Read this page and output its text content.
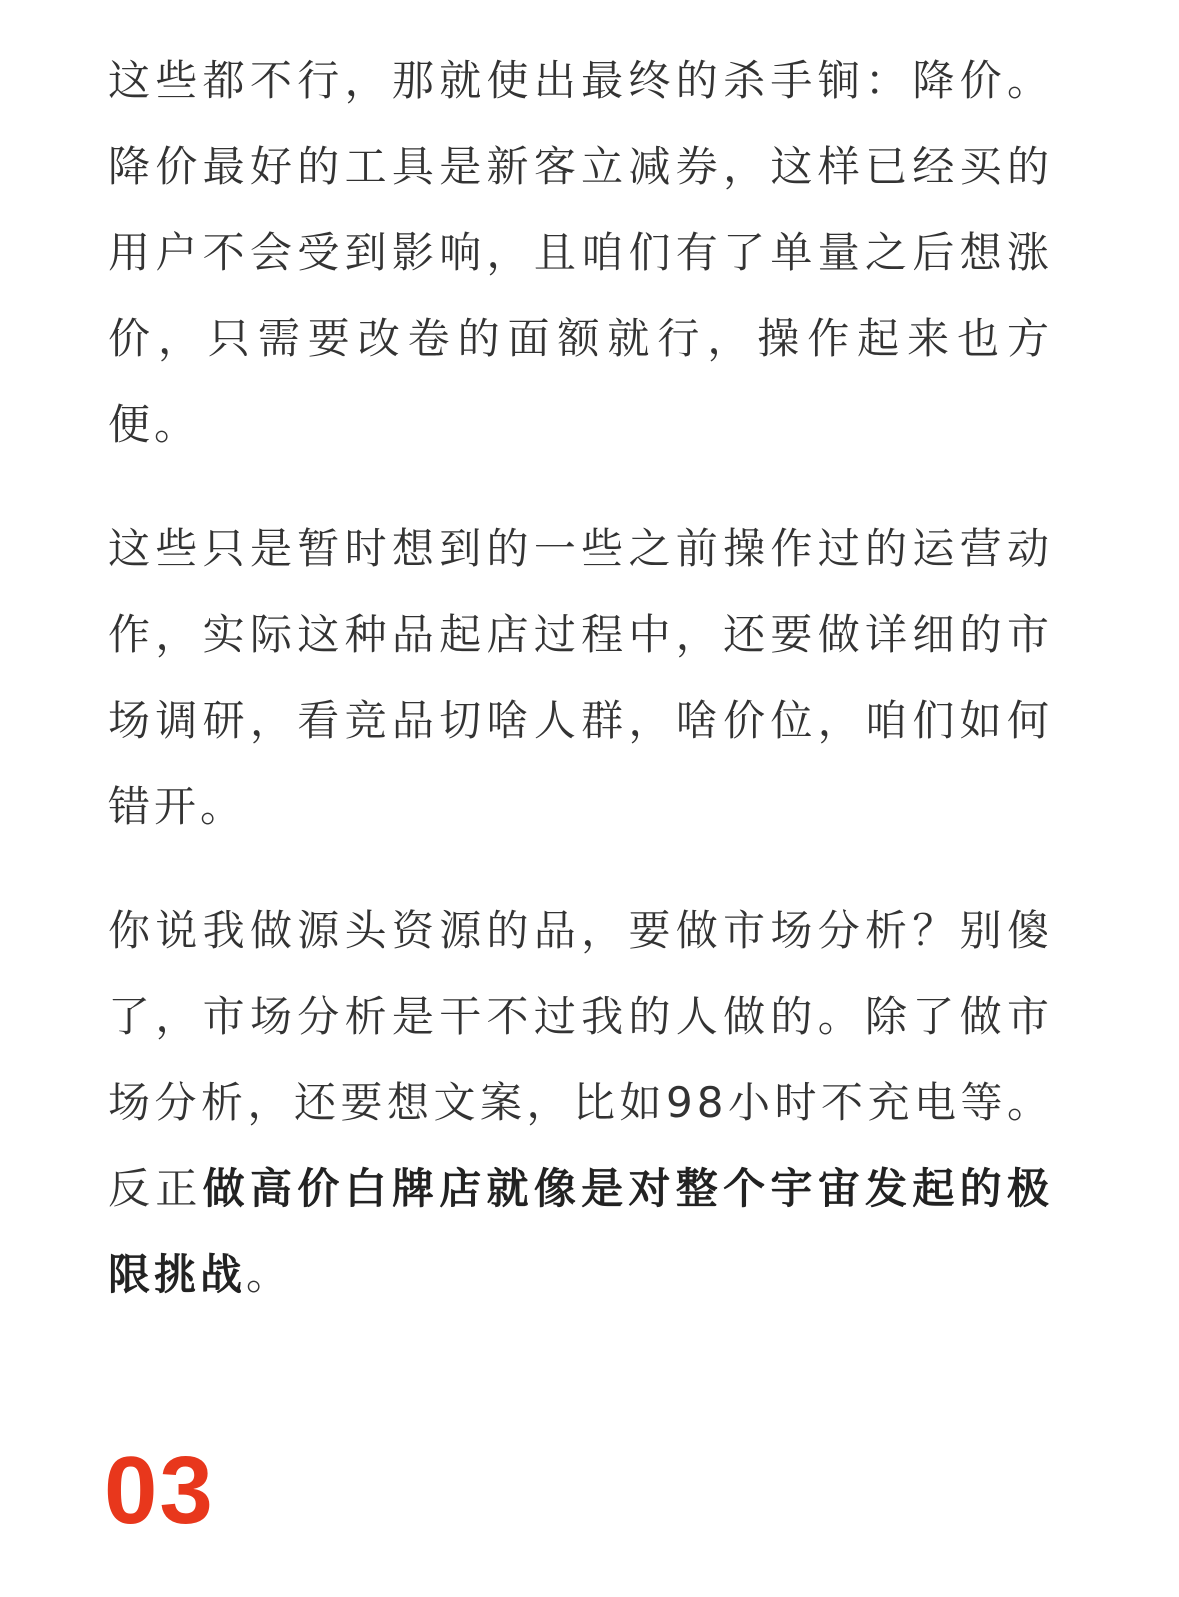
这些都不行，那就使出最终的杀手锏：降价。降价最好的工具是新客立减券，这样已经买的用户不会受到影响，且咱们有了单量之后想涨价，只需要改卷的面额就行，操作起来也方便。

这些只是暂时想到的一些之前操作过的运营动作，实际这种品起店过程中，还要做详细的市场调研，看竞品切啥人群，啥价位，咱们如何错开。

你说我做源头资源的品，要做市场分析？别傻了，市场分析是干不过我的人做的。除了做市场分析，还要想文案，比如98小时不充电等。反正做高价白牌店就像是对整个宇宙发起的极限挑战。

03
